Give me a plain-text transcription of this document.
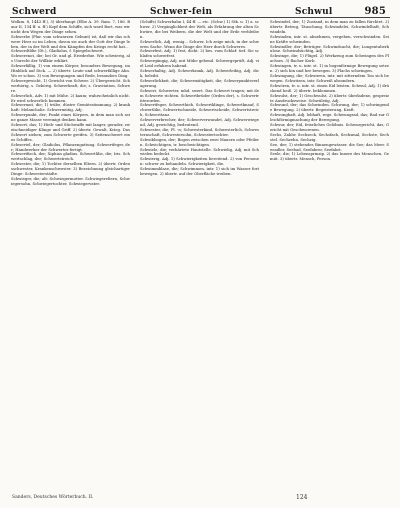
Schwerd	Schwer-fein	Schwul	985

Wolkm. 8, 1443 ff.), 3) überhaupt (Elbe A. 39. Ram. 7, 186. Baur II, 134 ff. u. ff.) Kopf dem Schiffe, sich ward Bort, was wir nicht den Wegen der Dinge sehen.

Schwerbe (Plur. vom schwarzen Gebunt) ist, daß wir das schwere Herz so im Leben, davon sie auch der Gott der Dinge leben, der in der Welt und den Kämpfen des Kriegs recht hat...

Schwerdtlilie (Dt.), Gladiolus, f. Spiegelschwert.

Schwerenot, die; bei Gr. und gl. Eriederbie. Wie schwierig, als Unrecht der Willkür erklärt.

Schwerfällig, 1) von einem Körper, besonders Bewegung, im Hinblick auf Dick. — 2) übertr. Leute und schwerfällige Ahn. Wo er schon. 3) von Bewegungen und Rede, besonders Ding.

Schwergewicht, 1) Gewicht von Schwer. 2) Übergewicht. Schwerhörig, s. Gehörig. Schwerkraft, die; s. Gravitation, Schwere.

Schwerlich, Adv. 1) mit Mühe. 2) kaum; wahrscheinlich nicht. Er wird schwerlich kommen.

Schwermut, die; 1) trübe, düstre Gemütsstimmung. 2) krankhaft: Melancholie. Schwermütig, Adj.

Schwerpunkt, der; Punkt eines Körpers, in dem man sich seine ganze Masse vereinigt denken kann.

Schwert, das; 1) Hieb- und Stichwaffe mit langer, gerader, zweischneidiger Klinge und Griff. 2) übertr. Gewalt, Krieg. Das Schwert ziehen; zum Schwerte greifen. 3) Seitenschwert eines Schiffes.

Schwertel, der; Gladiolus, Pflanzengattung. Schwertfeger, der; Handwerker der Schwerter fertigt.

Schwertfisch, der; Xiphias gladius. Schwertlilie, die; Iris. Schwertschlag, der; Schwertstreich.

Schwester, die; 1) Tochter derselben Eltern. 2) übertr. Ordensschwester, Krankenschwester. 3) Bezeichnung gleichartiger Dinge: Schwesterstädte.

Schwieger, die; alt: Schwiegermutter. Schwiegereltern, Schwiegersohn, Schwiegertochter, Schwiegervater.

(Schiffs) Schwerbahn I, 44 ff. — etc. (Schw.) 1) Stk. u. 1) a. schwer. 2) Vergänglichkeit der Welt, als Erfahrung der alten Schwüre, die bei Weibern, die der Welt und der Erde verbleiben.

Schwerlich, Adj. wenig... Schwer, Ich zeige mich, in der schweren Sache. Wenn die Dinge der Herr durch Schweres.

Schwerfest, Adj. 1) fest, dicht. 2) bes. vom Schlaf: tief. Sie schlafen schwerfest.

Schwergängig, Adj. mit Mühe gehend. Schwergeprüft, Adj. viel Leid erfahren habend.

Schwerhaltig, Adj. Schwerkrank, Adj. Schwerleibig, Adj. dick, beleibt.

Schwerlichkeit, die; Schwermütigkeit, die; Schwerpunktsverlagerung.

Schwert, Schwerter, mhd. swert. Das Schwert tragen; mit dem Schwerte richten. Schwertbrüder (Orden der), s. Schwertritterorden.

Schwertfeger, Schwerthieb, Schwertklinge, Schwertknauf, Schwertlilie, Schwertschneide, Schwertscheide, Schwertstreich, Schwerttanz.

Schwerverbrecher, der; Schwerverwundet, Adj. Schwerwiegend, Adj. gewichtig, bedeutend.

Schwester, die; Pl. -n; Schwesterkind, Schwesterlich, Schwesternschaft, Schwestersohn, Schwestertochter.

Schwibbogen, der; Bogen zwischen zwei Mauern oder Pfeilern. Schwichtigen, tr. beschwichtigen.

Schwiele, die; verhärtete Hautstelle. Schwielig, Adj. mit Schwielen bedeckt.

Schwierig, Adj. 1) Schwierigkeiten bereitend. 2) von Personen: schwer zu behandeln. Schwierigkeit, die.

Schwimmblase, die; Schwimmen, intr. 1) sich im Wasser fortbewegen. 2) übertr. auf der Oberfläche treiben.

Schwindel, der; 1) Zustand, in dem man zu fallen fürchtet. 2) übertr. Betrug, Täuschung. Schwindelei, Schwindelhaft, Schwindeln.

Schwinden, intr. st. abnehmen, vergehen, verschwinden. Seine Kräfte schwinden.

Schwindler, der; Betrüger. Schwindsucht, die; Lungentuberkulose. Schwindsüchtig, Adj.

Schwinge, die; 1) Flügel. 2) Werkzeug zum Schwingen des Flachses. 3) flacher Korb.

Schwingen, tr. u. intr. st. 1) in bogenförmige Bewegung setzen. 2) sich hin und her bewegen. 3) Flachs schwingen.

Schwingung, die; Schwirren, intr. mit zitterndem Ton sich bewegen. Schwitzen, intr. Schweiß absondern.

Schwören, tr. u. intr. st. einen Eid leisten. Schwul, Adj. 1) drückend heiß. 2) übertr. beklommen.

Schwulst, der; 1) Geschwulst. 2) übertr. überladene, gespreizte Ausdrucksweise. Schwülstig, Adj.

Schwund, der; das Schwinden. Schwung, der; 1) schwingende Bewegung. 2) übertr. Begeisterung, Kraft.

Schwunghaft, Adj. lebhaft, rege. Schwungrad, das; Rad zur Gleichförmigmachung der Bewegung.

Schwur, der; Eid, feierliches Gelöbnis. Schwurgericht, das; Gericht mit Geschworenen.

Sechs, Zahlw. Sechseck, Sechsfach, Sechsmal, Sechste, Sechstel. Sechzehn, Sechzig.

See, der; 1) stehendes Binnengewässer. die See; das Meer. Seeadler, Seebad, Seefahrer, Seefahrt.

Seele, die; 1) Lebensprinzip. 2) das Innere des Menschen, Gemüt. 3) übertr. Mensch, Person.

Sanders, Deutsches Wörterbuch. II.	124
